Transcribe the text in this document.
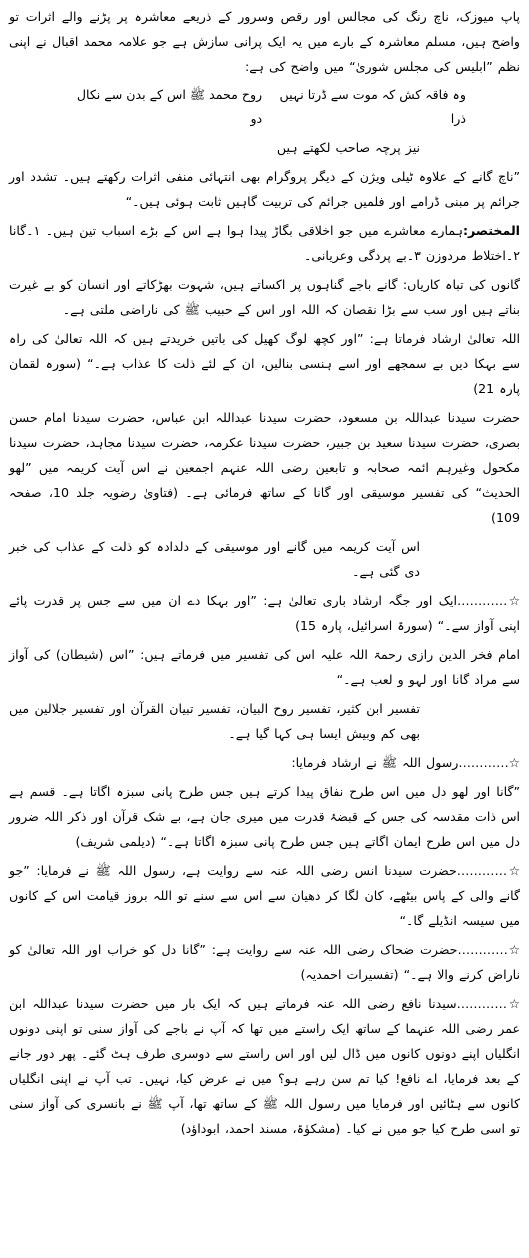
پاپ میوزک، ناچ رنگ کی مجالس اور رقص وسرور کے ذریعے معاشرہ پر پڑنے والے اثرات تو واضح ہیں، مسلم معاشرہ کے بارے میں یہ ایک پرانی سازش ہے جو علامہ محمد اقبال نے اپنی نظم ”ابلیس کی مجلس شوریٰ“ میں واضح کی ہے:

وہ فاقہ کش کہ موت سے ڈرتا نہیں ذرا
روح محمد ﷺ اس کے بدن سے نکال دو

نیز پرچہ صاحب لکھتے ہیں

”ناچ گانے کے علاوہ ٹیلی ویژن کے دیگر پروگرام بھی انتہائی منفی اثرات رکھتے ہیں۔ تشدد اور جرائم پر مبنی ڈرامے اور فلمیں جرائم کی تربیت گاہیں ثابت ہوئی ہیں۔“

المختصر:ہمارے معاشرے میں جو اخلاقی بگاڑ پیدا ہوا ہے اس کے بڑے اسباب تین ہیں۔ ۱۔گانا ۲۔اختلاط مردوزن ۳۔بے پردگی وعریانی۔

گانوں کی تباہ کاریاں: گانے باجے گناہوں پر اکساتے ہیں، شہوت بھڑکاتے اور انسان کو بے غیرت بناتے ہیں اور سب سے بڑا نقصان کہ اللہ اور اس کے حبیب ﷺ کی ناراضی ملتی ہے۔

اللہ تعالیٰ ارشاد فرماتا ہے: ”اور کچھ لوگ کھیل کی باتیں خریدتے ہیں کہ اللہ تعالیٰ کی راہ سے بہکا دیں بے سمجھے اور اسے ہنسی بنالیں، ان کے لئے ذلت کا عذاب ہے۔“ (سورہ لقمان پارہ 21)

حضرت سیدنا عبداللہ بن مسعود، حضرت سیدنا عبداللہ ابن عباس، حضرت سیدنا امام حسن بصری، حضرت سیدنا سعید بن جبیر، حضرت سیدنا عکرمہ، حضرت سیدنا مجاہد، حضرت سیدنا مکحول وغیرہم ائمہ صحابہ و تابعین رضی اللہ عنہم اجمعین نے اس آیت کریمہ میں ”لھو الحدیث“ کی تفسیر موسیقی اور گانا کے ساتھ فرمائی ہے۔ (فتاویٰ رضویہ جلد 10، صفحہ 109)

اس آیت کریمہ میں گانے اور موسیقی کے دلدادہ کو ذلت کے عذاب کی خبر دی گئی ہے۔

☆…………ایک اور جگہ ارشاد باری تعالیٰ ہے: ”اور بہکا دے ان میں سے جس پر قدرت پائے اپنی آواز سے۔“ (سورۃ اسرائیل، پارہ 15)

امام فخر الدین رازی رحمۃ اللہ علیہ اس کی تفسیر میں فرماتے ہیں: ”اس (شیطان) کی آواز سے مراد گانا اور لہو و لعب ہے۔“

تفسیر ابن کثیر، تفسیر روح البیان، تفسیر تبیان القرآن اور تفسیر جلالین میں بھی کم وبیش ایسا ہی کہا گیا ہے۔

☆…………رسول اللہ ﷺ نے ارشاد فرمایا:

”گانا اور لھو دل میں اس طرح نفاق پیدا کرتے ہیں جس طرح پانی سبزہ اگاتا ہے۔ قسم ہے اس ذات مقدسہ کی جس کے قبضۂ قدرت میں میری جان ہے، بے شک قرآن اور ذکر اللہ ضرور دل میں اس طرح ایمان اگاتے ہیں جس طرح پانی سبزہ اگاتا ہے۔“ (دیلمی شریف)

☆…………حضرت سیدنا انس رضی اللہ عنہ سے روایت ہے، رسول اللہ ﷺ نے فرمایا: ”جو گانے والی کے پاس بیٹھے، کان لگا کر دھیان سے اس سے سنے تو اللہ بروز قیامت اس کے کانوں میں سیسہ انڈیلے گا۔“

☆…………حضرت ضحاک رضی اللہ عنہ سے روایت ہے: ”گانا دل کو خراب اور اللہ تعالیٰ کو ناراض کرنے والا ہے۔“ (تفسیرات احمدیہ)

☆…………سیدنا نافع رضی اللہ عنہ فرماتے ہیں کہ ایک بار میں حضرت سیدنا عبداللہ ابن عمر رضی اللہ عنہما کے ساتھ ایک راستے میں تھا کہ آپ نے باجے کی آواز سنی تو اپنی دونوں انگلیاں اپنے دونوں کانوں میں ڈال لیں اور اس راستے سے دوسری طرف ہٹ گئے۔ پھر دور جانے کے بعد فرمایا، اے نافع! کیا تم سن رہے ہو؟ میں نے عرض کیا، نہیں۔ تب آپ نے اپنی انگلیاں کانوں سے ہٹائیں اور فرمایا میں رسول اللہ ﷺ کے ساتھ تھا، آپ ﷺ نے بانسری کی آواز سنی تو اسی طرح کیا جو میں نے کیا۔ (مشکوٰۃ، مسند احمد، ابوداؤد)
